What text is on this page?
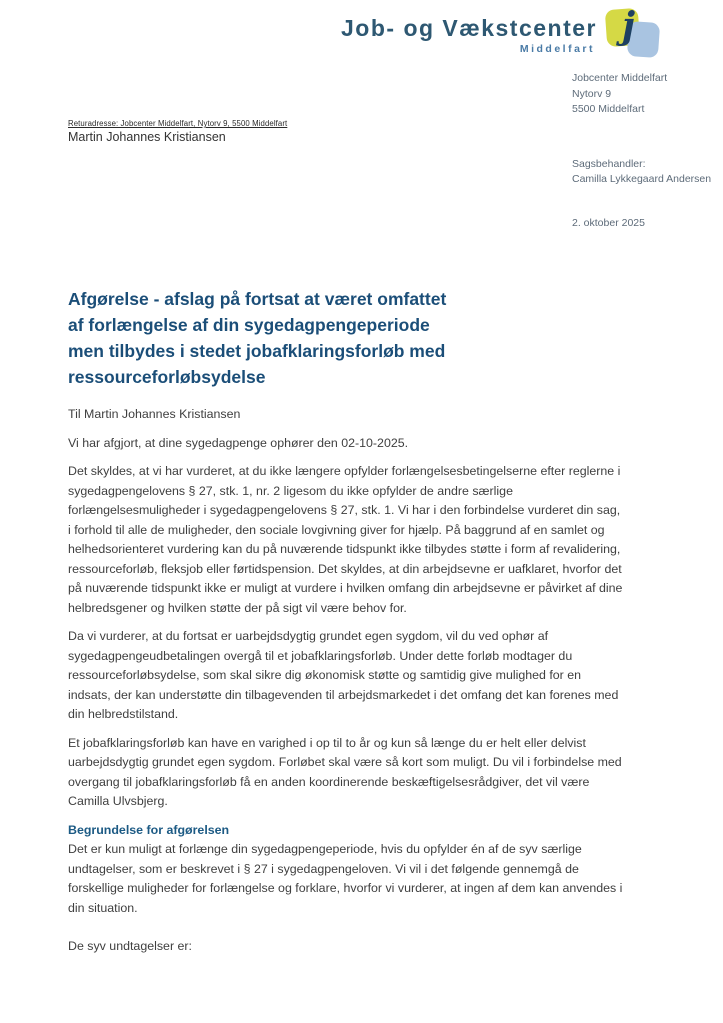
Job- og Vækstcenter
Middelfart
j
Jobcenter Middelfart
Nytorv 9
5500 Middelfart
Sagsbehandler:
Camilla Lykkegaard Andersen
2. oktober 2025
Returadresse: Jobcenter Middelfart, Nytorv 9, 5500 Middelfart
Martin Johannes Kristiansen
Afgørelse - afslag på fortsat at været omfattet
af forlængelse af din sygedagpengeperiode
men tilbydes i stedet jobafklaringsforløb med
ressourceforløbsydelse

Til Martin Johannes Kristiansen

Vi har afgjort, at dine sygedagpenge ophører den 02-10-2025.

Det skyldes, at vi har vurderet, at du ikke længere opfylder forlængelsesbetingelserne efter reglerne i sygedagpengelovens § 27, stk. 1, nr. 2 ligesom du ikke opfylder de andre særlige forlængelsesmuligheder i sygedagpengelovens § 27, stk. 1. Vi har i den forbindelse vurderet din sag, i forhold til alle de muligheder, den sociale lovgivning giver for hjælp. På baggrund af en samlet og helhedsorienteret vurdering kan du på nuværende tidspunkt ikke tilbydes støtte i form af revalidering, ressourceforløb, fleksjob eller førtidspension. Det skyldes, at din arbejdsevne er uafklaret, hvorfor det på nuværende tidspunkt ikke er muligt at vurdere i hvilken omfang din arbejdsevne er påvirket af dine helbredsgener og hvilken støtte der på sigt vil være behov for.

Da vi vurderer, at du fortsat er uarbejdsdygtig grundet egen sygdom, vil du ved ophør af sygedagpengeudbetalingen overgå til et jobafklaringsforløb. Under dette forløb modtager du ressourceforløbsydelse, som skal sikre dig økonomisk støtte og samtidig give mulighed for en indsats, der kan understøtte din tilbagevenden til arbejdsmarkedet i det omfang det kan forenes med din helbredstilstand.

Et jobafklaringsforløb kan have en varighed i op til to år og kun så længe du er helt eller delvist uarbejdsdygtig grundet egen sygdom. Forløbet skal være så kort som muligt. Du vil i forbindelse med overgang til jobafklaringsforløb få en anden koordinerende beskæftigelsesrådgiver, det vil være Camilla Ulvsbjerg.

Begrundelse for afgørelsen

Det er kun muligt at forlænge din sygedagpengeperiode, hvis du opfylder én af de syv særlige undtagelser, som er beskrevet i § 27 i sygedagpengeloven. Vi vil i det følgende gennemgå de forskellige muligheder for forlængelse og forklare, hvorfor vi vurderer, at ingen af dem kan anvendes i din situation.

De syv undtagelser er:
